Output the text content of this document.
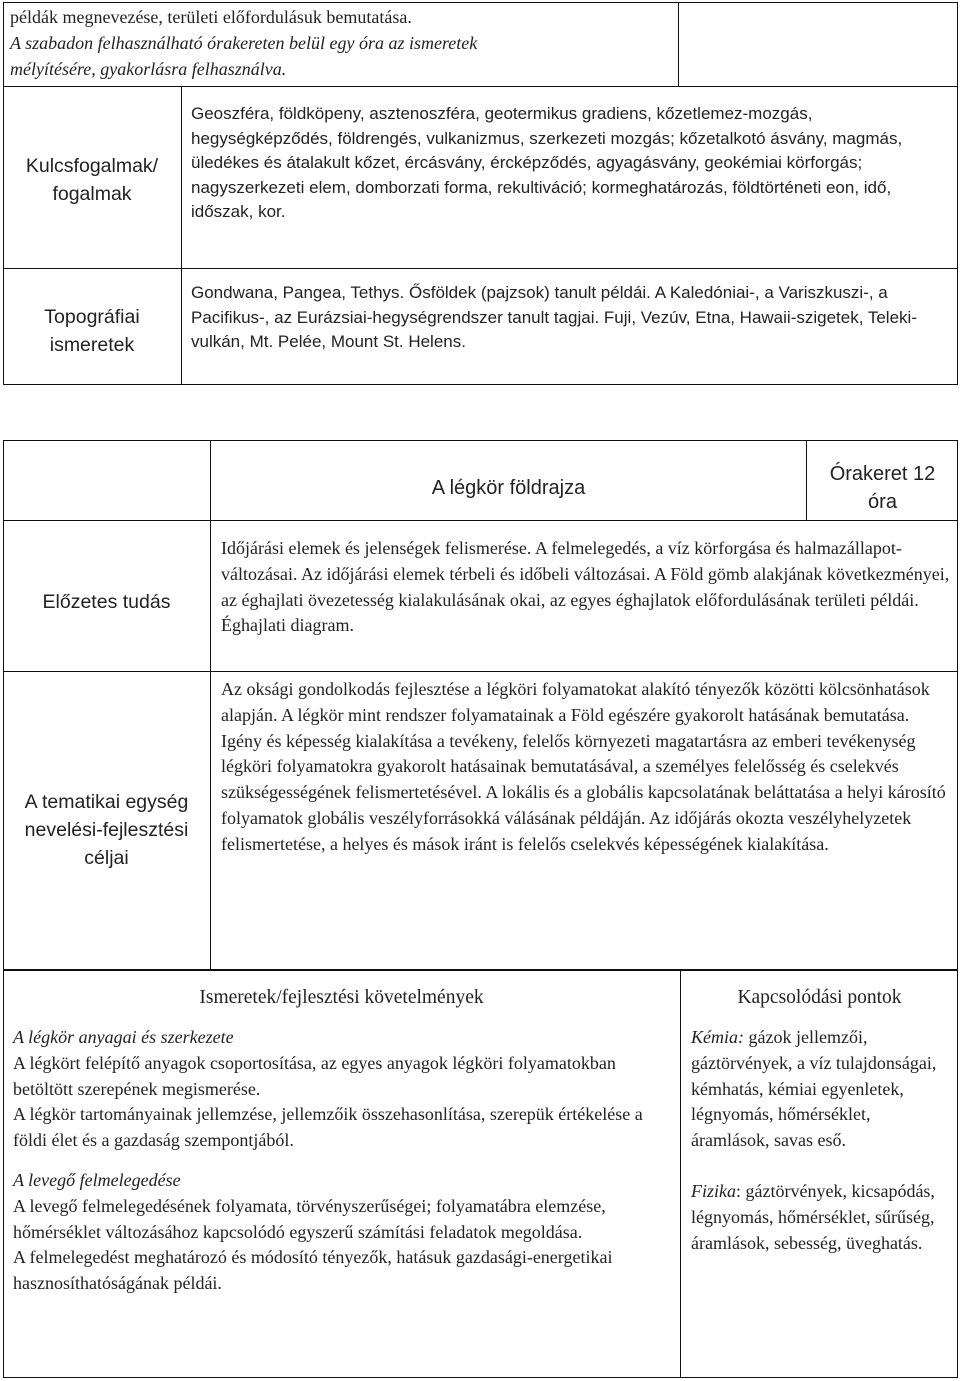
példák megnevezése, területi előfordulásuk bemutatása.
A szabadon felhasználható órakereten belül egy óra az ismeretek
mélyítésére, gyakorlásra felhasználva.
Kulcsfogalmak/
fogalmak
Geoszféra, földköpeny, asztenoszféra, geotermikus gradiens, kőzetlemez-mozgás, hegységképződés, földrengés, vulkanizmus, szerkezeti mozgás; kőzetalkotó ásvány, magmás, üledékes és átalakult kőzet, ércásvány, ércképződés, agyagásvány, geokémiai körforgás; nagyszerkezeti elem, domborzati forma, rekultiváció; kormeghatározás, földtörténeti eon, idő, időszak, kor.
Topográfiai
ismeretek
Gondwana, Pangea, Tethys. Ősföldek (pajzsok) tanult példái. A Kaledóniai-, a Variszkuszi-, a Pacifikus-, az Eurázsiai-hegységrendszer tanult tagjai. Fuji, Vezúv, Etna, Hawaii-szigetek, Teleki-vulkán, Mt. Pelée, Mount St. Helens.
A légkör földrajza
Órakeret 12
óra
Előzetes tudás
Időjárási elemek és jelenségek felismerése. A felmelegedés, a víz körforgása és halmazállapot-változásai. Az időjárási elemek térbeli és időbeli változásai. A Föld gömb alakjának következményei, az éghajlati övezetesség kialakulásának okai, az egyes éghajlatok előfordulásának területi példái. Éghajlati diagram.
A tematikai egység
nevelési-fejlesztési
céljai
Az oksági gondolkodás fejlesztése a légköri folyamatokat alakító tényezők közötti kölcsönhatások alapján. A légkör mint rendszer folyamatainak a Föld egészére gyakorolt hatásának bemutatása. Igény és képesség kialakítása a tevékeny, felelős környezeti magatartásra az emberi tevékenység légköri folyamatokra gyakorolt hatásainak bemutatásával, a személyes felelősség és cselekvés szükségességének felismertetésével. A lokális és a globális kapcsolatának beláttatása a helyi károsító folyamatok globális veszélyforrásokká válásának példáján. Az időjárás okozta veszélyhelyzetek felismertetése, a helyes és mások iránt is felelős cselekvés képességének kialakítása.
Ismeretek/fejlesztési követelmények	Kapcsolódási pontok
A légkör anyagai és szerkezete
A légkört felépítő anyagok csoportosítása, az egyes anyagok légköri folyamatokban betöltött szerepének megismerése.
A légkör tartományainak jellemzése, jellemzőik összehasonlítása, szerepük értékelése a földi élet és a gazdaság szempontjából.
A levegő felmelegedése
A levegő felmelegedésének folyamata, törvényszerűségei; folyamatábra elemzése, hőmérséklet változásához kapcsolódó egyszerű számítási feladatok megoldása.
A felmelegedést meghatározó és módosító tényezők, hatásuk gazdasági-energetikai hasznosíthatóságának példái.
Kémia: gázok jellemzői, gáztörvények, a víz tulajdonságai, kémhatás, kémiai egyenletek, légnyomás, hőmérséklet, áramlások, savas eső.
Fizika: gáztörvények, kicsapódás, légnyomás, hőmérséklet, sűrűség, áramlások, sebesség, üveghatás.
